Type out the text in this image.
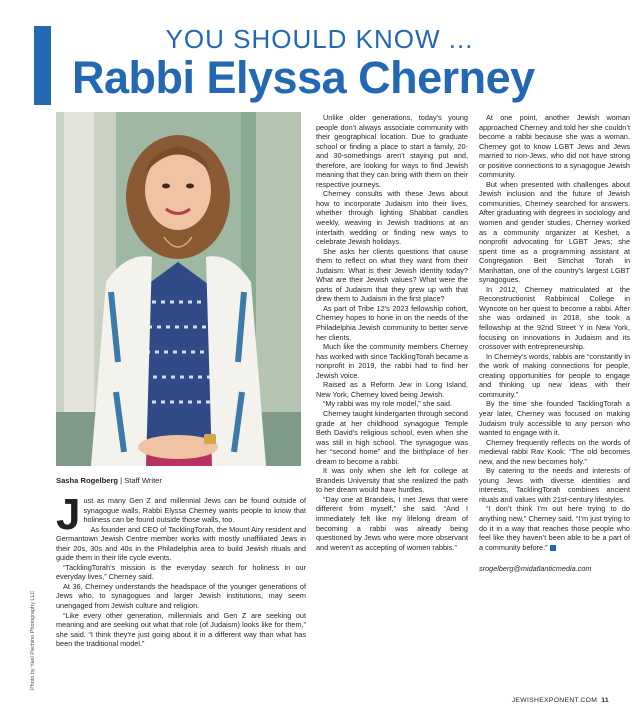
YOU SHOULD KNOW ...
Rabbi Elyssa Cherney
Photo by Yael Pachino Photography LLC

Sasha Rogelberg | Staff Writer

Just as many Gen Z and millennial Jews can be found outside of synagogue walls, Rabbi Elyssa Cherney wants people to know that holiness can be found outside those walls, too.

As founder and CEO of TacklingTorah, the Mount Airy resident and Germantown Jewish Centre member works with mostly unaffiliated Jews in their 20s, 30s and 40s in the Philadelphia area to build Jewish rituals and guide them in their life cycle events.

“TacklingTorah’s mission is the everyday search for holiness in our everyday lives,” Cherney said.

At 36, Cherney understands the headspace of the younger generations of Jews who, to synagogues and larger Jewish institutions, may seem unengaged from Jewish culture and religion.

“Like every other generation, millennials and Gen Z are seeking out meaning and are seeking out what that role (of Judaism) looks like for them,” she said. “I think they’re just going about it in a different way than what has been the traditional model.”

Unlike older generations, today’s young people don’t always associate community with their geographical location. Due to graduate school or finding a place to start a family, 20- and 30-somethings aren’t staying put and, therefore, are looking for ways to find Jewish meaning that they can bring with them on their respective journeys.

Cherney consults with these Jews about how to incorporate Judaism into their lives, whether through lighting Shabbat candles weekly, weaving in Jewish traditions at an interfaith wedding or finding new ways to celebrate Jewish holidays.

She asks her clients questions that cause them to reflect on what they want from their Judaism: What is their Jewish identity today? What are their Jewish values? What were the parts of Judaism that they grew up with that drew them to Judaism in the first place?

As part of Tribe 12’s 2023 fellowship cohort, Cherney hopes to hone in on the needs of the Philadelphia Jewish community to better serve her clients.

Much like the community members Cherney has worked with since TacklingTorah became a nonprofit in 2019, the rabbi had to find her Jewish voice.

Raised as a Reform Jew in Long Island, New York, Cherney loved being Jewish.

“My rabbi was my role model,” she said.

Cherney taught kindergarten through second grade at her childhood synagogue Temple Beth David’s religious school, even when she was still in high school. The synagogue was her “second home” and the birthplace of her dream to become a rabbi.

It was only when she left for college at Brandeis University that she realized the path to her dream would have hurdles.

“Day one at Brandeis, I met Jews that were different from myself,” she said. “And I immediately felt like my lifelong dream of becoming a rabbi was already being questioned by Jews who were more observant and weren’t as accepting of women rabbis.”

At one point, another Jewish woman approached Cherney and told her she couldn’t become a rabbi because she was a woman. Cherney got to know LGBT Jews and Jews married to non-Jews, who did not have strong or positive connections to a synagogue Jewish community.

But when presented with challenges about Jewish inclusion and the future of Jewish communities, Cherney searched for answers. After graduating with degrees in sociology and women and gender studies, Cherney worked as a community organizer at Keshet, a nonprofit advocating for LGBT Jews; she spent time as a programming assistant at Congregation Beit Simchat Torah in Manhattan, one of the country’s largest LGBT synagogues.

In 2012, Cherney matriculated at the Reconstructionist Rabbinical College in Wyncote on her quest to become a rabbi. After she was ordained in 2018, she took a fellowship at the 92nd Street Y in New York, focusing on innovations in Judaism and its crossover with entrepreneurship.

In Cherney’s words, rabbis are “constantly in the work of making connections for people, creating opportunities for people to engage and thinking up new ideas with their community.”

By the time she founded TacklingTorah a year later, Cherney was focused on making Judaism truly accessible to any person who wanted to engage with it.

Cherney frequently reflects on the words of medieval rabbi Rav Kook: “The old becomes new, and the new becomes holy.”

By catering to the needs and interests of young Jews with diverse identities and interests, TacklingTorah combines ancient rituals and values with 21st-century lifestyles.

“I don’t think I’m out here trying to do anything new,” Cherney said. “I’m just trying to do it in a way that reaches those people who feel like they haven’t been able to be a part of a community before.”

srogelberg@midatlanticmedia.com

JEWISHEXPONENT.COM 11
